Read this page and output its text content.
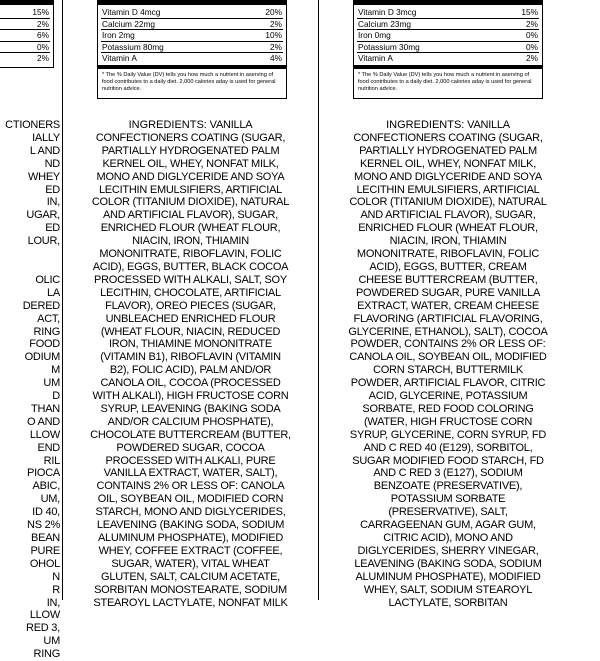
15%
2%
6%
0%
2%
CTIONERS
IALLY
L AND
ND
WHEY
ED
IN,
UGAR,
ED
LOUR,

OLIC
LA
DERED
ACT,
RING
FOOD
ODIUM
M
UM
D
THAN
O AND
LLOW
END
RIL
PIOCA
ABIC,
UM,
ID 40,
NS 2%
BEAN
PURE
OHOL
N
R
IN,
LLOW
RED 3,
UM
RING
Vitamin D 4mcg	20%
Calcium 22mg	2%
Iron 2mg	10%
Potassium 80mg	2%
Vitamin A	4%
* The % Daily Value (DV) tells you how much a nutrient in aserving of food contributes to a daily diet. 2,000 calories aday is used for general nutrition advice.
INGREDIENTS: VANILLA
CONFECTIONERS COATING (SUGAR,
PARTIALLY HYDROGENATED PALM
KERNEL OIL, WHEY, NONFAT MILK,
MONO AND DIGLYCERIDE AND SOYA
LECITHIN EMULSIFIERS, ARTIFICIAL
COLOR (TITANIUM DIOXIDE), NATURAL
AND ARTIFICIAL FLAVOR), SUGAR,
ENRICHED FLOUR (WHEAT FLOUR,
NIACIN, IRON, THIAMIN
MONONITRATE, RIBOFLAVIN, FOLIC
ACID), EGGS, BUTTER, BLACK COCOA
PROCESSED WITH ALKALI, SALT, SOY
LECITHIN, CHOCOLATE, ARTIFICIAL
FLAVOR), OREO PIECES (SUGAR,
UNBLEACHED ENRICHED FLOUR
(WHEAT FLOUR, NIACIN, REDUCED
IRON, THIAMINE MONONITRATE
(VITAMIN B1), RIBOFLAVIN (VITAMIN
B2), FOLIC ACID), PALM AND/OR
CANOLA OIL, COCOA (PROCESSED
WITH ALKALI), HIGH FRUCTOSE CORN
SYRUP, LEAVENING (BAKING SODA
AND/OR CALCIUM PHOSPHATE),
CHOCOLATE BUTTERCREAM (BUTTER,
POWDERED SUGAR, COCOA
PROCESSED WITH ALKALI, PURE
VANILLA EXTRACT, WATER, SALT),
CONTAINS 2% OR LESS OF: CANOLA
OIL, SOYBEAN OIL, MODIFIED CORN
STARCH, MONO AND DIGLYCERIDES,
LEAVENING (BAKING SODA, SODIUM
ALUMINUM PHOSPHATE), MODIFIED
WHEY, COFFEE EXTRACT (COFFEE,
SUGAR, WATER), VITAL WHEAT
GLUTEN, SALT, CALCIUM ACETATE,
SORBITAN MONOSTEARATE, SODIUM
STEAROYL LACTYLATE, NONFAT MILK
Vitamin D 3mcg	15%
Calcium 23mg	2%
Iron 0mg	0%
Potassium 30mg	0%
Vitamin A	2%
* The % Daily Value (DV) tells you how much a nutrient in aserving of food contributes to a daily diet. 2,000 calories aday is used for general nutrition advice.
INGREDIENTS: VANILLA
CONFECTIONERS COATING (SUGAR,
PARTIALLY HYDROGENATED PALM
KERNEL OIL, WHEY, NONFAT MILK,
MONO AND DIGLYCERIDE AND SOYA
LECITHIN EMULSIFIERS, ARTIFICIAL
COLOR (TITANIUM DIOXIDE), NATURAL
AND ARTIFICIAL FLAVOR), SUGAR,
ENRICHED FLOUR (WHEAT FLOUR,
NIACIN, IRON, THIAMIN
MONONITRATE, RIBOFLAVIN, FOLIC
ACID), EGGS, BUTTER, CREAM
CHEESE BUTTERCREAM (BUTTER,
POWDERED SUGAR, PURE VANILLA
EXTRACT, WATER, CREAM CHEESE
FLAVORING (ARTIFICIAL FLAVORING,
GLYCERINE, ETHANOL), SALT), COCOA
POWDER, CONTAINS 2% OR LESS OF:
CANOLA OIL, SOYBEAN OIL, MODIFIED
CORN STARCH, BUTTERMILK
POWDER, ARTIFICIAL FLAVOR, CITRIC
ACID, GLYCERINE, POTASSIUM
SORBATE, RED FOOD COLORING
(WATER, HIGH FRUCTOSE CORN
SYRUP, GLYCERINE, CORN SYRUP, FD
AND C RED 40 (E129), SORBITOL,
SUGAR MODIFIED FOOD STARCH, FD
AND C RED 3 (E127), SODIUM
BENZOATE (PRESERVATIVE),
POTASSIUM SORBATE
(PRESERVATIVE), SALT,
CARRAGEENAN GUM, AGAR GUM,
CITRIC ACID), MONO AND
DIGLYCERIDES, SHERRY VINEGAR,
LEAVENING (BAKING SODA, SODIUM
ALUMINUM PHOSPHATE), MODIFIED
WHEY, SALT, SODIUM STEAROYL
LACTYLATE, SORBITAN
